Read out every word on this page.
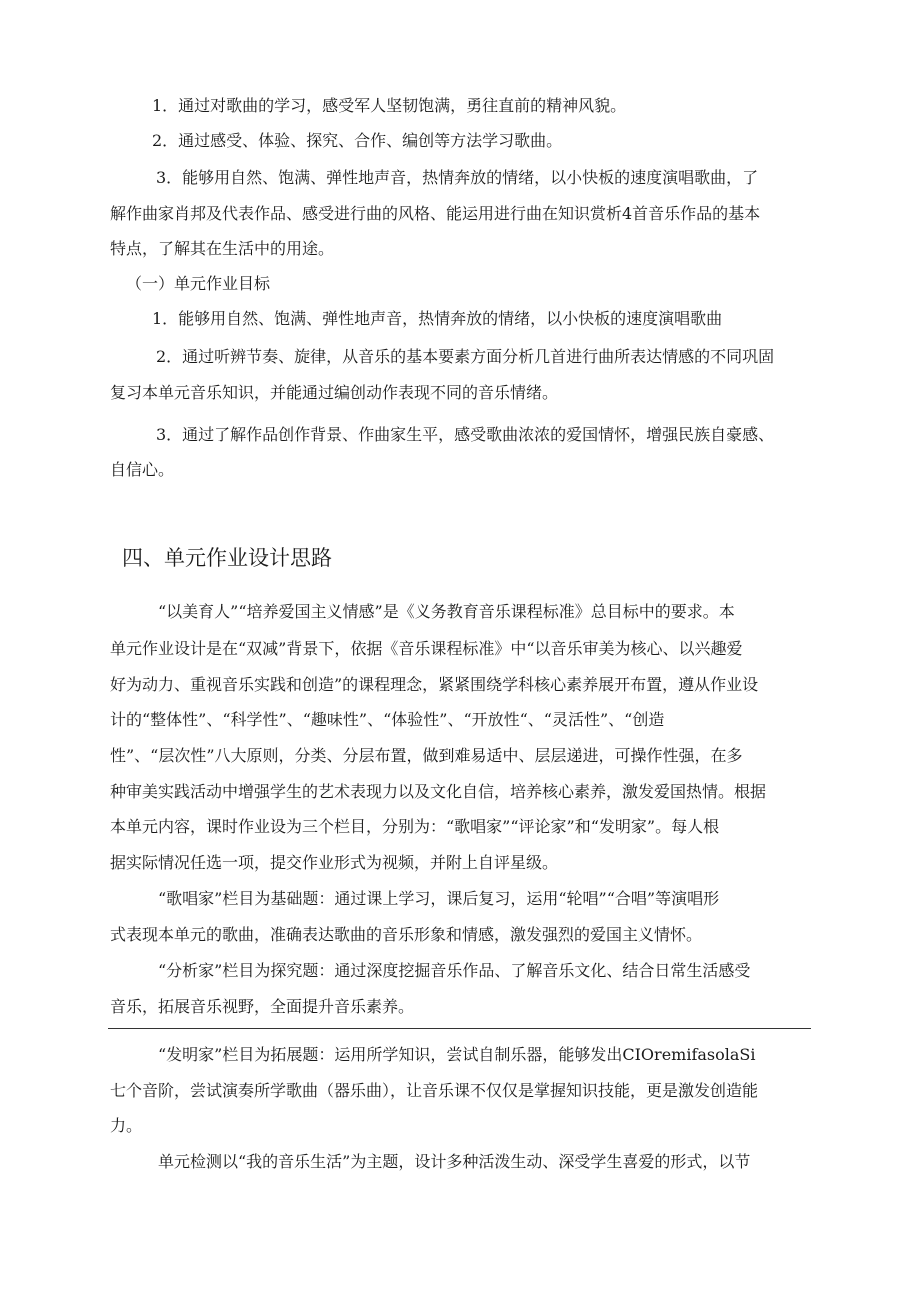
1．通过对歌曲的学习，感受军人坚韧饱满，勇往直前的精神风貌。
2．通过感受、体验、探究、合作、编创等方法学习歌曲。
3．能够用自然、饱满、弹性地声音，热情奔放的情绪，以小快板的速度演唱歌曲，了
解作曲家肖邦及代表作品、感受进行曲的风格、能运用进行曲在知识赏析4首音乐作品的基本
特点，了解其在生活中的用途。
（一）单元作业目标
1．能够用自然、饱满、弹性地声音，热情奔放的情绪，以小快板的速度演唱歌曲
2．通过听辨节奏、旋律，从音乐的基本要素方面分析几首进行曲所表达情感的不同巩固
复习本单元音乐知识，并能通过编创动作表现不同的音乐情绪。
3．通过了解作品创作背景、作曲家生平，感受歌曲浓浓的爱国情怀，增强民族自豪感、
自信心。
四、单元作业设计思路
“以美育人”“培养爱国主义情感”是《义务教育音乐课程标准》总目标中的要求。本
单元作业设计是在“双减”背景下，依据《音乐课程标准》中“以音乐审美为核心、以兴趣爱
好为动力、重视音乐实践和创造”的课程理念，紧紧围绕学科核心素养展开布置，遵从作业设
计的“整体性”、“科学性”、“趣味性”、“体验性”、“开放性“、“灵活性”、“创造
性”、“层次性”八大原则，分类、分层布置，做到难易适中、层层递进，可操作性强，在多
种审美实践活动中增强学生的艺术表现力以及文化自信，培养核心素养，激发爱国热情。根据
本单元内容，课时作业设为三个栏目，分别为：“歌唱家”“评论家”和“发明家”。每人根
据实际情况任选一项，提交作业形式为视频，并附上自评星级。
“歌唱家”栏目为基础题：通过课上学习，课后复习，运用“轮唱”“合唱”等演唱形
式表现本单元的歌曲，准确表达歌曲的音乐形象和情感，激发强烈的爱国主义情怀。
“分析家”栏目为探究题：通过深度挖掘音乐作品、了解音乐文化、结合日常生活感受
音乐，拓展音乐视野，全面提升音乐素养。
“发明家”栏目为拓展题：运用所学知识，尝试自制乐器，能够发出CIOremifasolaSi
七个音阶，尝试演奏所学歌曲（器乐曲），让音乐课不仅仅是掌握知识技能，更是激发创造能
力。
单元检测以“我的音乐生活”为主题，设计多种活泼生动、深受学生喜爱的形式，以节
